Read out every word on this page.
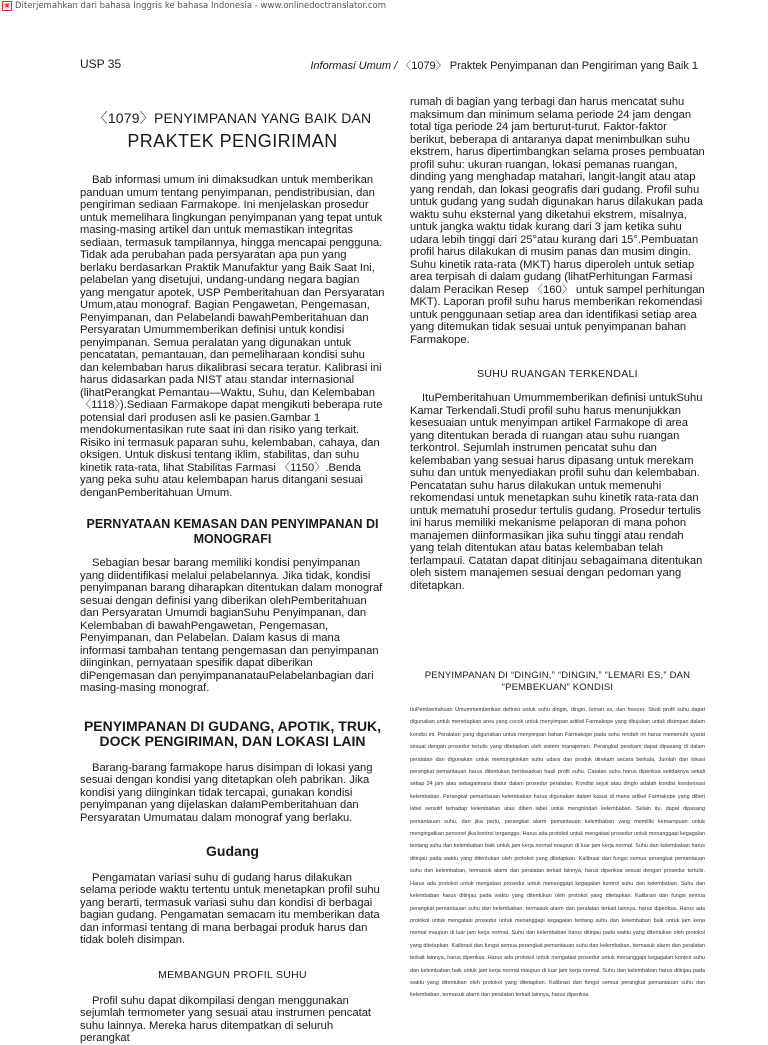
▣ Diterjemahkan dari bahasa Inggris ke bahasa Indonesia - www.onlinedoctranslator.com
USP 35	Informasi Umum / 〈1079〉 Praktek Penyimpanan dan Pengiriman yang Baik 1
〈1079〉PENYIMPANAN YANG BAIK DAN
PRAKTEK PENGIRIMAN

Bab informasi umum ini dimaksudkan untuk memberikan panduan umum tentang penyimpanan, pendistribusian, dan pengiriman sediaan Farmakope. Ini menjelaskan prosedur untuk memelihara lingkungan penyimpanan yang tepat untuk masing-masing artikel dan untuk memastikan integritas sediaan, termasuk tampilannya, hingga mencapai pengguna. Tidak ada perubahan pada persyaratan apa pun yang berlaku berdasarkan Praktik Manufaktur yang Baik Saat Ini, pelabelan yang disetujui, undang-undang negara bagian yang mengatur apotek, USP Pemberitahuan dan Persyaratan Umum,atau monograf. Bagian Pengawetan, Pengemasan, Penyimpanan, dan Pelabelandi bawahPemberitahuan dan Persyaratan Umummemberikan definisi untuk kondisi penyimpanan. Semua peralatan yang digunakan untuk pencatatan, pemantauan, dan pemeliharaan kondisi suhu dan kelembaban harus dikalibrasi secara teratur. Kalibrasi ini harus didasarkan pada NIST atau standar internasional (lihatPerangkat Pemantau—Waktu, Suhu, dan Kelembaban 〈1118〉).Sediaan Farmakope dapat mengikuti beberapa rute potensial dari produsen asli ke pasien.Gambar 1 mendokumentasikan rute saat ini dan risiko yang terkait. Risiko ini termasuk paparan suhu, kelembaban, cahaya, dan oksigen. Untuk diskusi tentang iklim, stabilitas, dan suhu kinetik rata-rata, lihat Stabilitas Farmasi 〈1150〉.Benda yang peka suhu atau kelembapan harus ditangani sesuai denganPemberitahuan Umum.

PERNYATAAN KEMASAN DAN PENYIMPANAN DI MONOGRAFI

Sebagian besar barang memiliki kondisi penyimpanan yang diidentifikasi melalui pelabelannya. Jika tidak, kondisi penyimpanan barang diharapkan ditentukan dalam monograf sesuai dengan definisi yang diberikan olehPemberitahuan dan Persyaratan Umumdi bagianSuhu Penyimpanan, dan Kelembaban di bawahPengawetan, Pengemasan, Penyimpanan, dan Pelabelan. Dalam kasus di mana informasi tambahan tentang pengemasan dan penyimpanan diinginkan, pernyataan spesifik dapat diberikan diPengemasan dan penyimpananatauPelabelanbagian dari masing-masing monograf.

PENYIMPANAN DI GUDANG, APOTIK, TRUK, DOCK PENGIRIMAN, DAN LOKASI LAIN

Barang-barang farmakope harus disimpan di lokasi yang sesuai dengan kondisi yang ditetapkan oleh pabrikan. Jika kondisi yang diinginkan tidak tercapai, gunakan kondisi penyimpanan yang dijelaskan dalamPemberitahuan dan Persyaratan Umumatau dalam monograf yang berlaku.

Gudang

Pengamatan variasi suhu di gudang harus dilakukan selama periode waktu tertentu untuk menetapkan profil suhu yang berarti, termasuk variasi suhu dan kondisi di berbagai bagian gudang. Pengamatan semacam itu memberikan data dan informasi tentang di mana berbagai produk harus dan tidak boleh disimpan.

MEMBANGUN PROFIL SUHU

Profil suhu dapat dikompilasi dengan menggunakan sejumlah termometer yang sesuai atau instrumen pencatat suhu lainnya. Mereka harus ditempatkan di seluruh perangkat

rumah di bagian yang terbagi dan harus mencatat suhu maksimum dan minimum selama periode 24 jam dengan total tiga periode 24 jam berturut-turut. Faktor-faktor berikut, beberapa di antaranya dapat menimbulkan suhu ekstrem, harus dipertimbangkan selama proses pembuatan profil suhu: ukuran ruangan, lokasi pemanas ruangan, dinding yang menghadap matahari, langit-langit atau atap yang rendah, dan lokasi geografis dari gudang. Profil suhu untuk gudang yang sudah digunakan harus dilakukan pada waktu suhu eksternal yang diketahui ekstrem, misalnya, untuk jangka waktu tidak kurang dari 3 jam ketika suhu udara lebih tinggi dari 25°atau kurang dari 15°.Pembuatan profil harus dilakukan di musim panas dan musim dingin. Suhu kinetik rata-rata (MKT) harus diperoleh untuk setiap area terpisah di dalam gudang (lihatPerhitungan Farmasi dalam Peracikan Resep 〈160〉 untuk sampel perhitungan MKT). Laporan profil suhu harus memberikan rekomendasi untuk penggunaan setiap area dan identifikasi setiap area yang ditemukan tidak sesuai untuk penyimpanan bahan Farmakope.

SUHU RUANGAN TERKENDALI

ItuPemberitahuan Umummemberikan definisi untukSuhu Kamar Terkendali.Studi profil suhu harus menunjukkan kesesuaian untuk menyimpan artikel Farmakope di area yang ditentukan berada di ruangan atau suhu ruangan terkontrol. Sejumlah instrumen pencatat suhu dan kelembaban yang sesuai harus dipasang untuk merekam suhu dan untuk menyediakan profil suhu dan kelembaban. Pencatatan suhu harus dilakukan untuk memenuhi rekomendasi untuk menetapkan suhu kinetik rata-rata dan untuk mematuhi prosedur tertulis gudang. Prosedur tertulis ini harus memiliki mekanisme pelaporan di mana pohon manajemen diinformasikan jika suhu tinggi atau rendah yang telah ditentukan atau batas kelembaban telah terlampaui. Catatan dapat ditinjau sebagaimana ditentukan oleh sistem manajemen sesuai dengan pedoman yang ditetapkan.

PENYIMPANAN DI “DINGIN,” “DINGIN,” “LEMARI ES,” DAN
“PEMBEKUAN” KONDISI

ItuPemberitahuan Umummemberikan definisi untuk suhu dingin, dingin, lemari es, dan freezer. Studi profil suhu dapat digunakan untuk menetapkan area yang cocok untuk menyimpan artikel Farmakope yang ditujukan untuk disimpan dalam kondisi ini. Peralatan yang digunakan untuk menyimpan bahan Farmakope pada suhu rendah ini harus memenuhi syarat sesuai dengan prosedur tertulis yang ditetapkan oleh sistem manajemen. Perangkat perekam dapat dipasang di dalam peralatan dan digunakan untuk memungkinkan suhu udara dan produk direkam secara berkala. Jumlah dan lokasi perangkat pemantauan harus ditentukan berdasarkan hasil profil suhu. Catatan suhu harus diperiksa setidaknya sekali setiap 24 jam atau sebagaimana diatur dalam prosedur peralatan. Kondisi sejuk atau dingin adalah kondisi kondensasi kelembaban. Perangkat pemantauan kelembaban harus digunakan dalam kasus di mana artikel Farmakope yang diberi label sensitif terhadap kelembaban atau diberi label untuk menghindari kelembaban. Selain itu, dapat dipasang pemantauan suhu, dan jika perlu, perangkat alarm pemantauan kelembaban yang memiliki kemampuan untuk mengingatkan personel jika kontrol terganggu. Harus ada protokol untuk mengatasi prosedur untuk menanggapi kegagalan tentang suhu dan kelembaban baik untuk jam kerja normal maupun di luar jam kerja normal. Suhu dan kelembaban harus ditinjau pada waktu yang ditentukan oleh protokol yang ditetapkan. Kalibrasi dari fungsi semua perangkat pemantauan suhu dan kelembaban, termasuk alarm dan peralatan terkait lainnya, harus diperiksa sesuai dengan prosedur tertulis. Harus ada protokol untuk mengatasi prosedur untuk menanggapi kegagalan kontrol suhu dan kelembaban. Suhu dan kelembaban harus ditinjau pada waktu yang ditentukan oleh protokol yang ditetapkan. Kalibrasi dan fungsi semua perangkat pemantauan suhu dan kelembaban, termasuk alarm dan peralatan terkait lainnya, harus diperiksa. Harus ada protokol untuk mengatasi prosedur untuk menanggapi kegagalan tentang suhu dan kelembaban baik untuk jam kerja normal maupun di luar jam kerja normal. Suhu dan kelembaban harus ditinjau pada waktu yang ditentukan oleh protokol yang ditetapkan. Kalibrasi dan fungsi semua perangkat pemantauan suhu dan kelembaban, termasuk alarm dan peralatan terkait lainnya, harus diperiksa. Harus ada protokol untuk mengatasi prosedur untuk menanggapi kegagalan kontrol suhu dan kelembaban baik untuk jam kerja normal maupun di luar jam kerja normal. Suhu dan kelembaban harus ditinjau pada waktu yang ditentukan oleh protokol yang ditetapkan. Kalibrasi dan fungsi semua perangkat pemantauan suhu dan kelembaban, termasuk alarm dan peralatan terkait lainnya, harus diperiksa
